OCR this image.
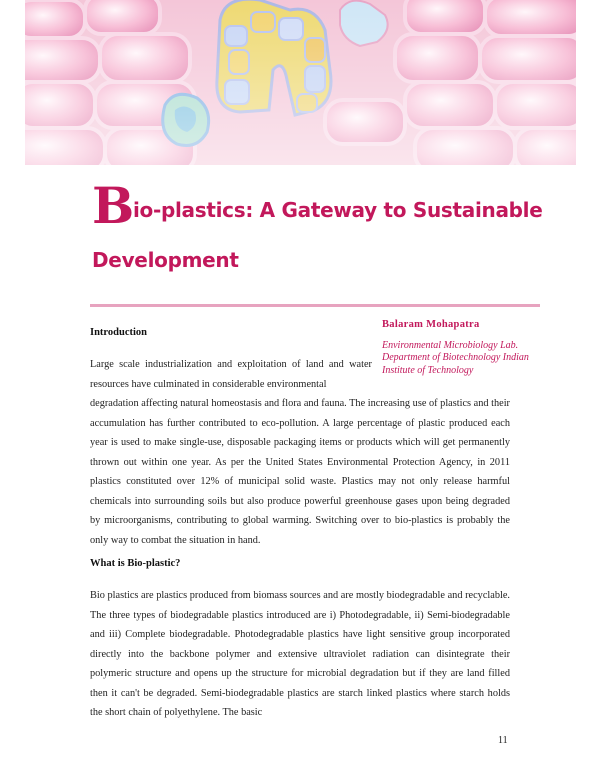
Bio-plastics: A Gateway to Sustainable Development
Introduction
Balaram Mohapatra
Environmental Microbiology Lab.
Department of Biotechnology Indian
Institute of Technology
Large scale industrialization and exploitation of land and water resources have culminated in considerable environmental
degradation affecting natural homeostasis and flora and fauna. The increasing use of plastics and their accumulation has further contributed to eco-pollution. A large percentage of plastic produced each year is used to make single-use, disposable packaging items or products which will get permanently thrown out within one year. As per the United States Environmental Protection Agency, in 2011 plastics constituted over 12% of municipal solid waste. Plastics may not only release harmful chemicals into surrounding soils but also produce powerful greenhouse gases upon being degraded by microorganisms, contributing to global warming. Switching over to bio-plastics is probably the only way to combat the situation in hand.
What is Bio-plastic?
Bio plastics are plastics produced from biomass sources and are mostly biodegradable and recyclable. The three types of biodegradable plastics introduced are i) Photodegradable, ii) Semi-biodegradable and iii) Complete biodegradable. Photodegradable plastics have light sensitive group incorporated directly into the backbone polymer and extensive ultraviolet radiation can disintegrate their polymeric structure and opens up the structure for microbial degradation but if they are land filled then it can't be degraded. Semi-biodegradable plastics are starch linked plastics where starch holds the short chain of polyethylene. The basic
11
